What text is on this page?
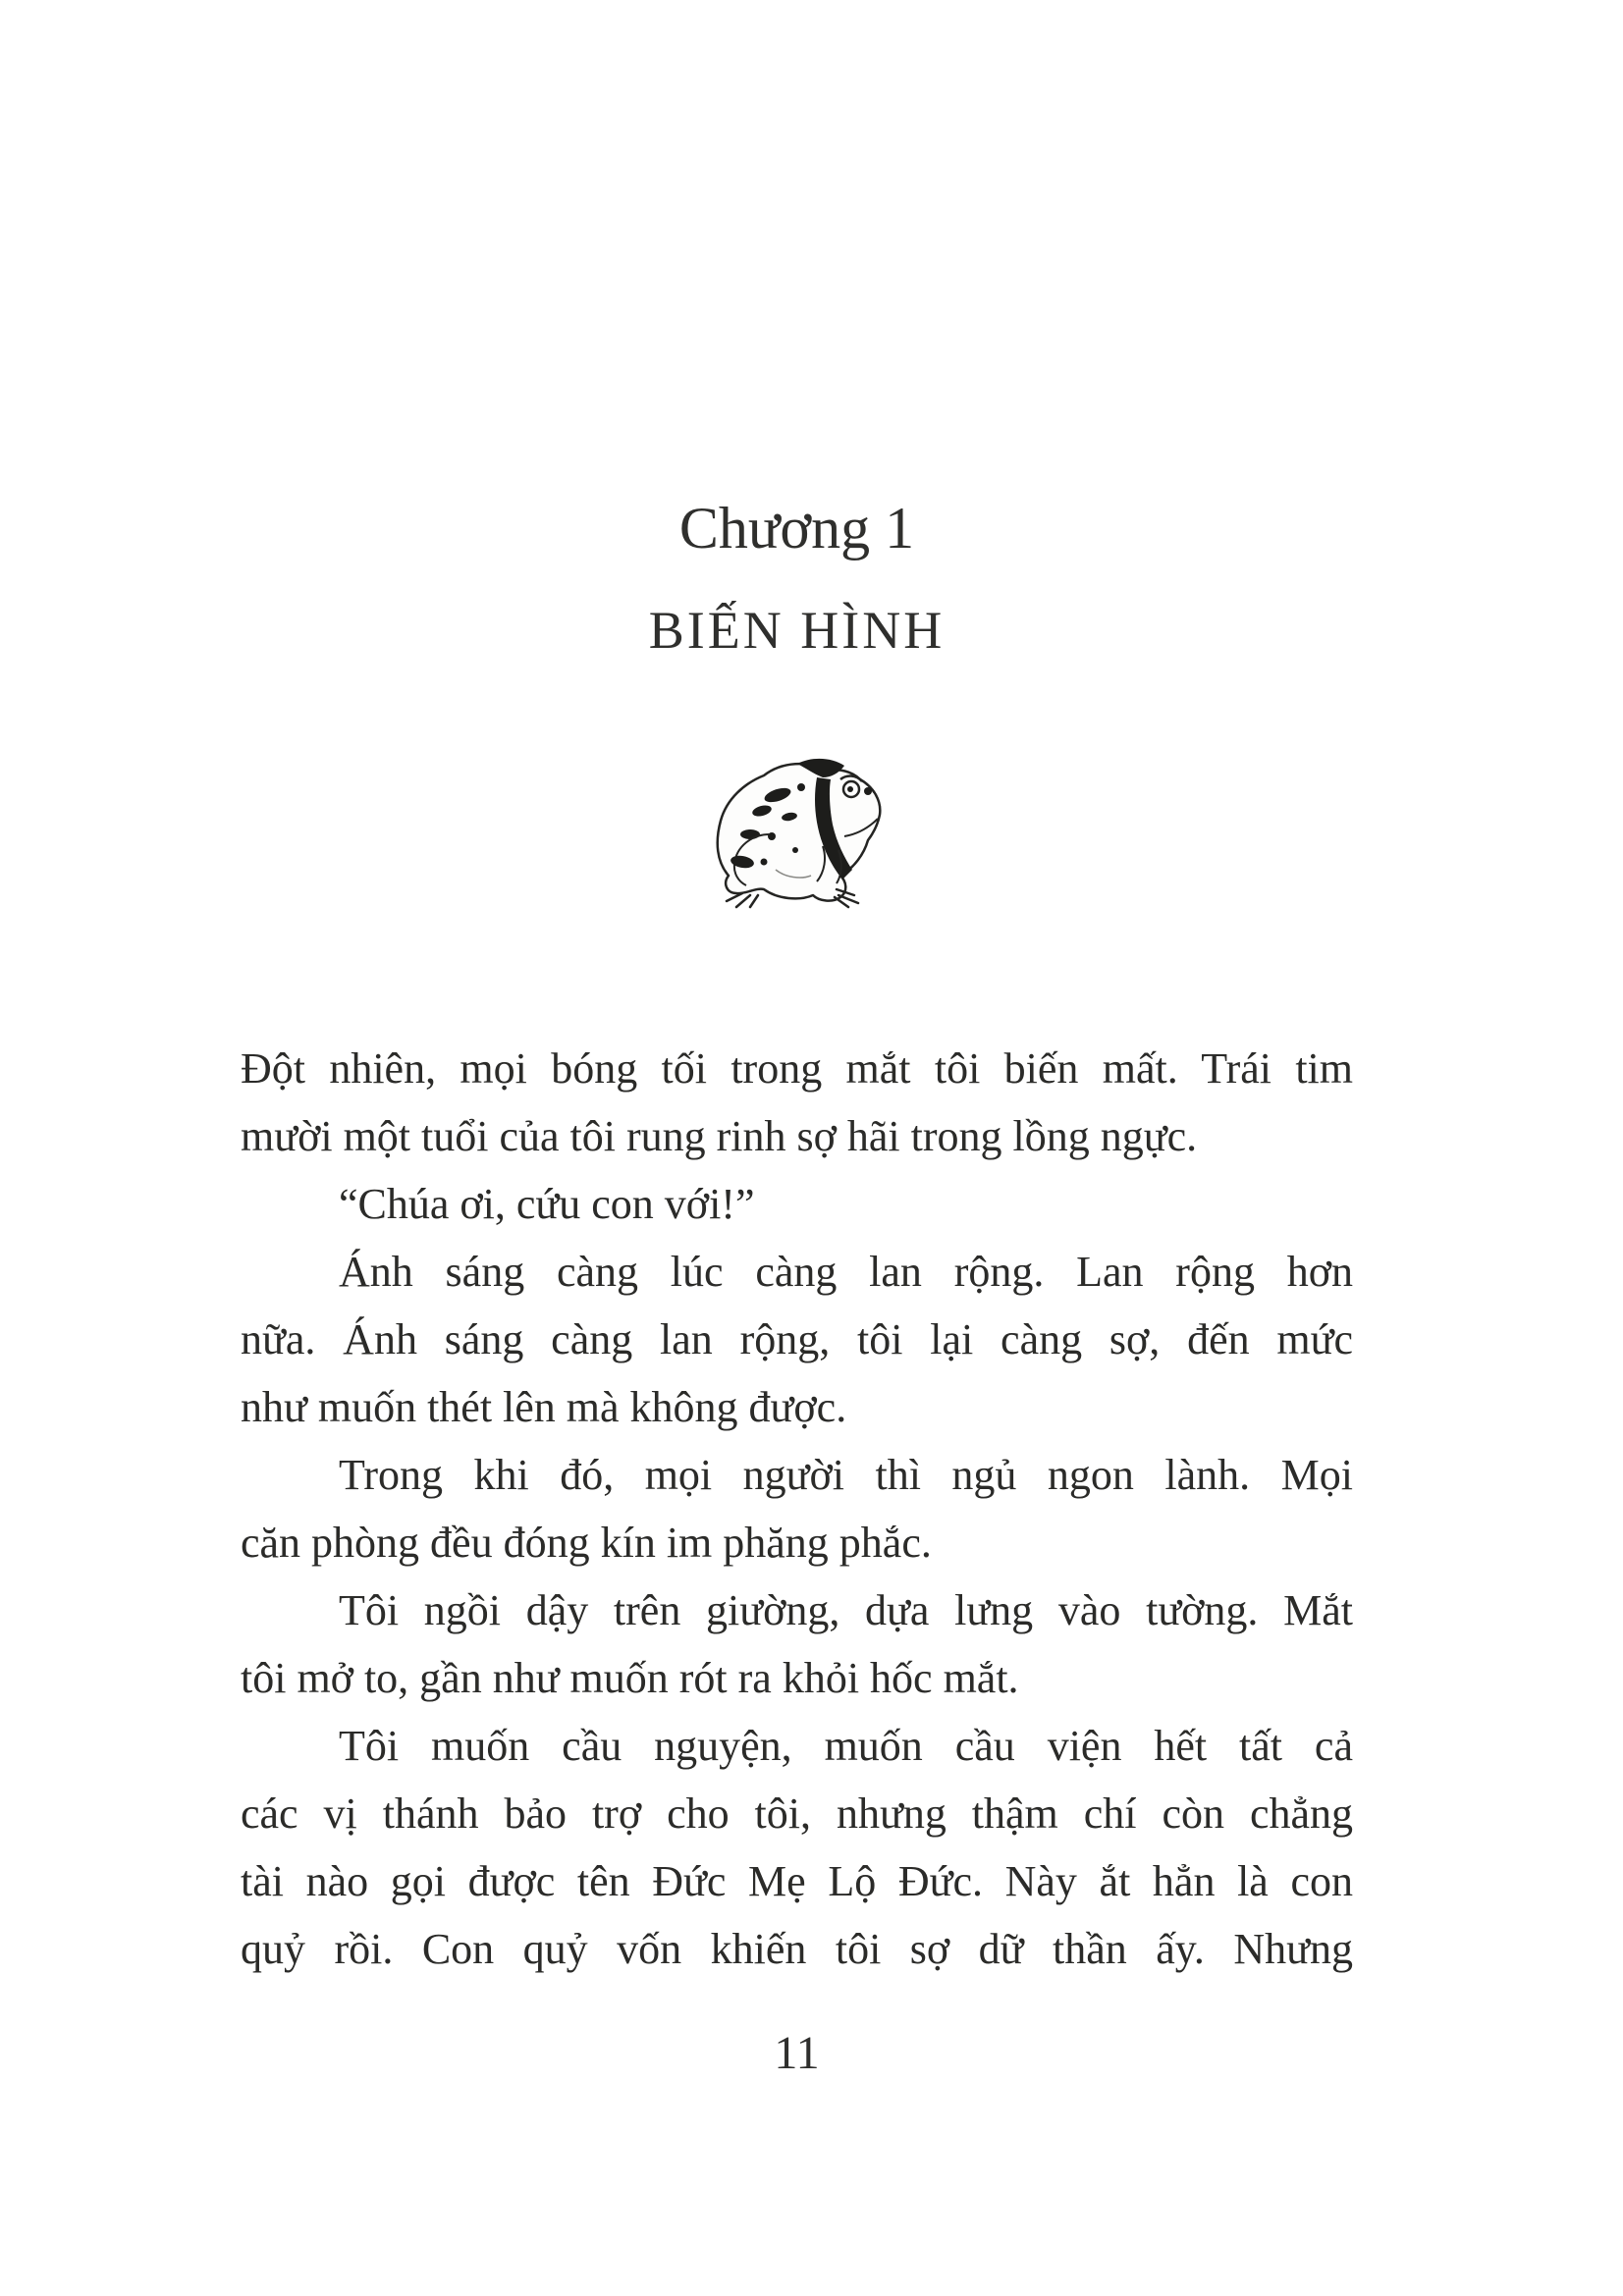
Chương 1
BIẾN HÌNH
Đột nhiên, mọi bóng tối trong mắt tôi biến mất. Trái tim
mười một tuổi của tôi rung rinh sợ hãi trong lồng ngực.
“Chúa ơi, cứu con với!”
Ánh sáng càng lúc càng lan rộng. Lan rộng hơn
nữa. Ánh sáng càng lan rộng, tôi lại càng sợ, đến mức
như muốn thét lên mà không được.
Trong khi đó, mọi người thì ngủ ngon lành. Mọi
căn phòng đều đóng kín im phăng phắc.
Tôi ngồi dậy trên giường, dựa lưng vào tường. Mắt
tôi mở to, gần như muốn rót ra khỏi hốc mắt.
Tôi muốn cầu nguyện, muốn cầu viện hết tất cả
các vị thánh bảo trợ cho tôi, nhưng thậm chí còn chẳng
tài nào gọi được tên Đức Mẹ Lộ Đức. Này ắt hẳn là con
quỷ rồi. Con quỷ vốn khiến tôi sợ dữ thần ấy. Nhưng
11
